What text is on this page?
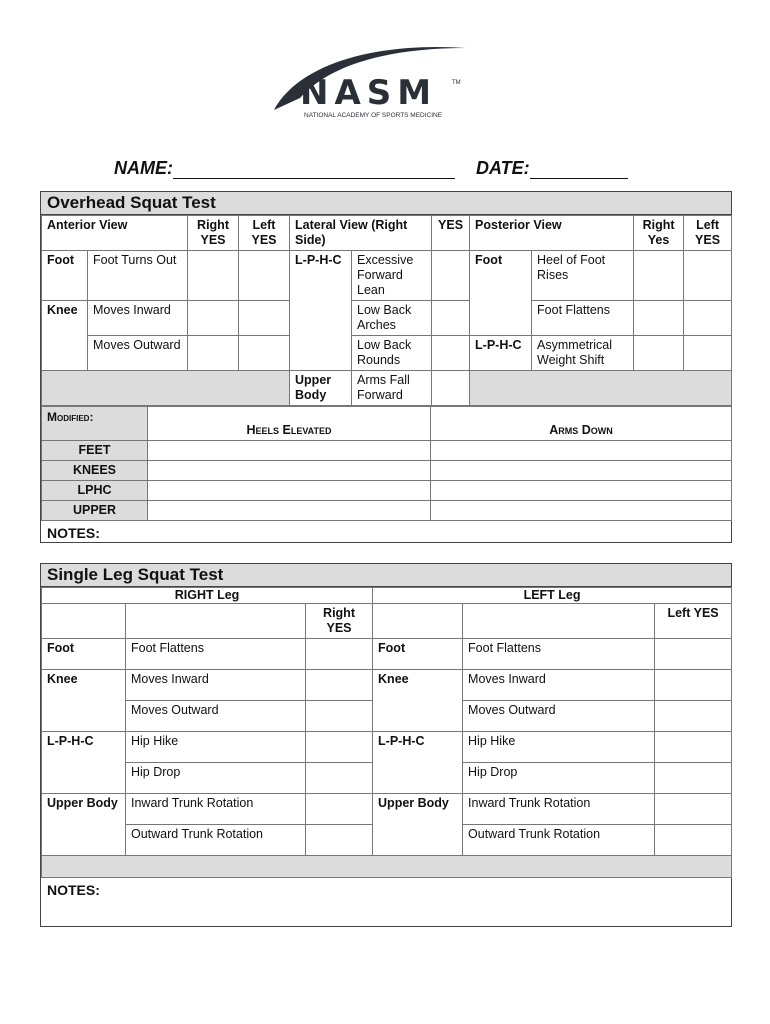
NASM TM
NATIONAL ACADEMY OF SPORTS MEDICINE
NAME:	DATE:
Overhead Squat Test
Anterior View		Right YES	Left YES	Lateral View (Right Side)		YES	Posterior View		Right Yes	Left YES
Foot	Foot Turns Out			L-P-H-C	Excessive Forward Lean		Foot	Heel of Foot Rises		
Knee	Moves Inward				Low Back Arches			Foot Flattens		
	Moves Outward				Low Back Rounds		L-P-H-C	Asymmetrical Weight Shift		
				Upper Body	Arms Fall Forward					
Modified:	Heels Elevated	Arms Down
FEET		
KNEES		
LPHC		
UPPER		
NOTES:
Single Leg Squat Test
RIGHT Leg			LEFT Leg		
		Right YES			Left YES
Foot	Foot Flattens		Foot	Foot Flattens	
Knee	Moves Inward		Knee	Moves Inward	
	Moves Outward			Moves Outward	
L-P-H-C	Hip Hike		L-P-H-C	Hip Hike	
	Hip Drop			Hip Drop	
Upper Body	Inward Trunk Rotation		Upper Body	Inward Trunk Rotation	
	Outward Trunk Rotation			Outward Trunk Rotation	

NOTES:
